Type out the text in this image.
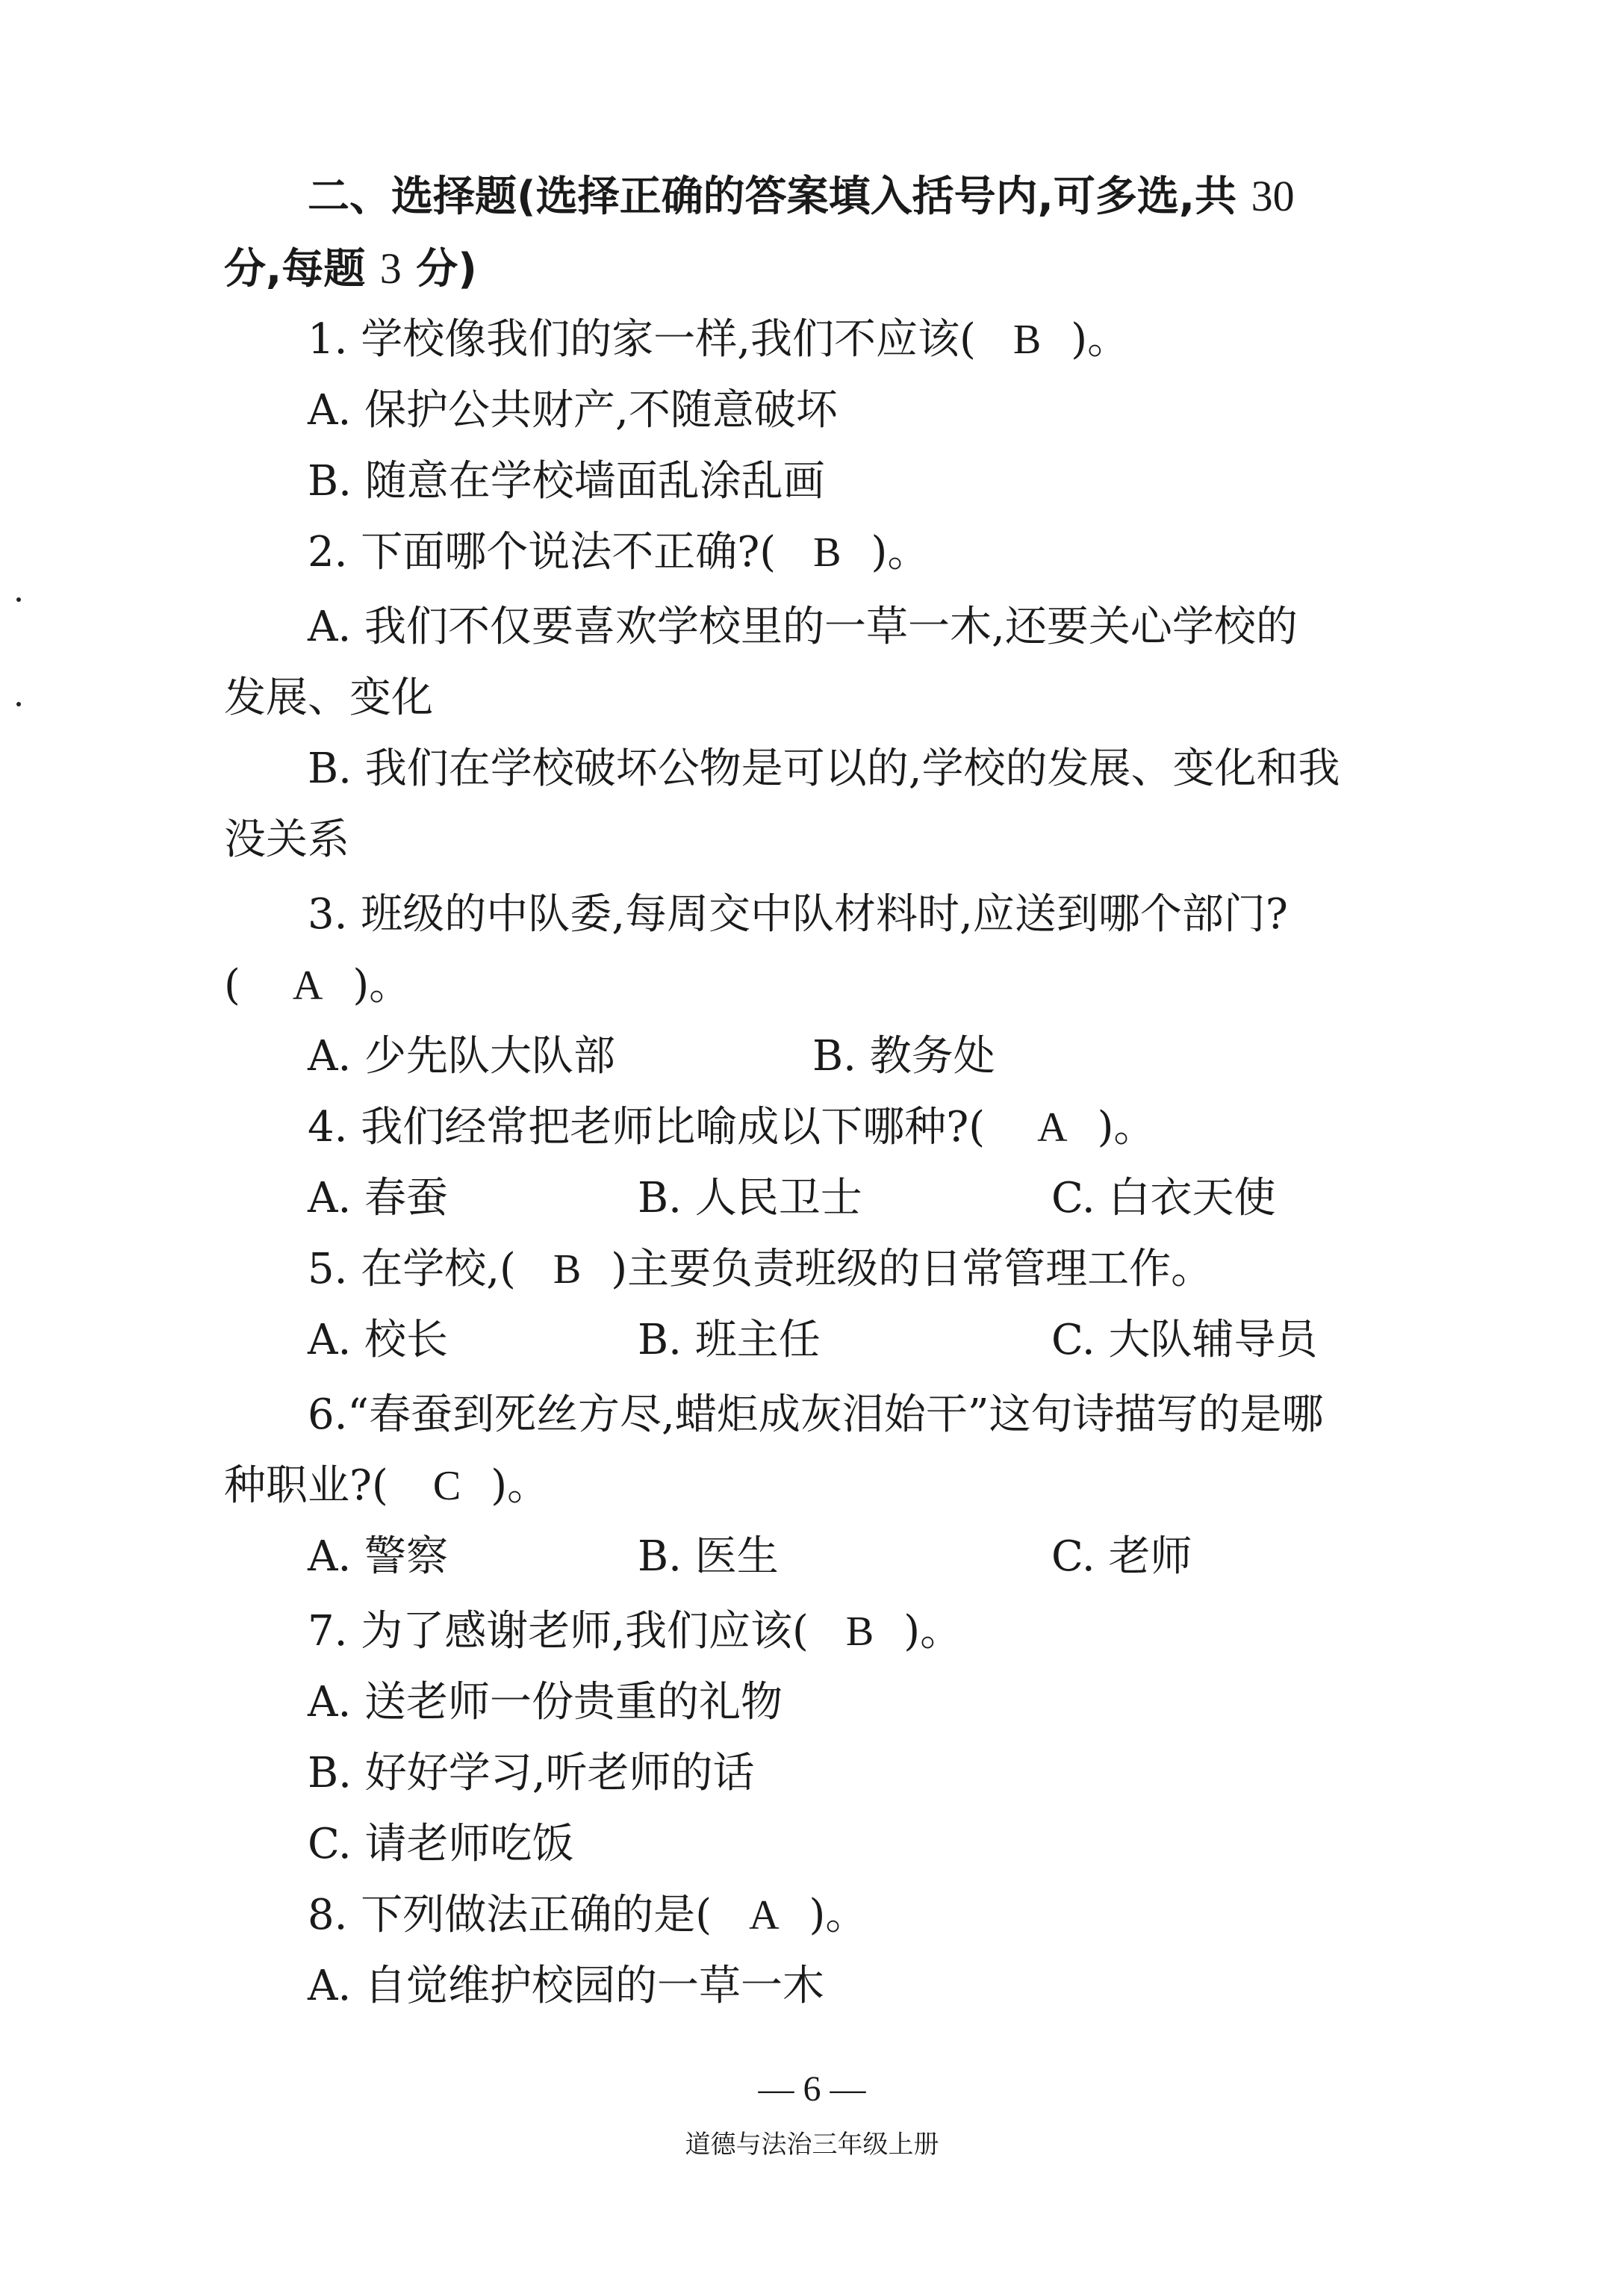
二、选择题(选择正确的答案填入括号内,可多选,共 30
分,每题 3 分)
1. 学校像我们的家一样,我们不应该( B )。
A. 保护公共财产,不随意破坏
B. 随意在学校墙面乱涂乱画
2. 下面哪个说法不正确?( B )。
A. 我们不仅要喜欢学校里的一草一木,还要关心学校的
发展、变化
B. 我们在学校破坏公物是可以的,学校的发展、变化和我
没关系
3. 班级的中队委,每周交中队材料时,应送到哪个部门?
( A )。
A. 少先队大队部	B. 教务处
4. 我们经常把老师比喻成以下哪种?( A )。
A. 春蚕	B. 人民卫士	C. 白衣天使
5. 在学校,( B )主要负责班级的日常管理工作。
A. 校长	B. 班主任	C. 大队辅导员
6.“春蚕到死丝方尽,蜡炬成灰泪始干”这句诗描写的是哪
种职业?( C )。
A. 警察	B. 医生	C. 老师
7. 为了感谢老师,我们应该( B )。
A. 送老师一份贵重的礼物
B. 好好学习,听老师的话
C. 请老师吃饭
8. 下列做法正确的是( A )。
A. 自觉维护校园的一草一木
— 6 —
道德与法治三年级上册
